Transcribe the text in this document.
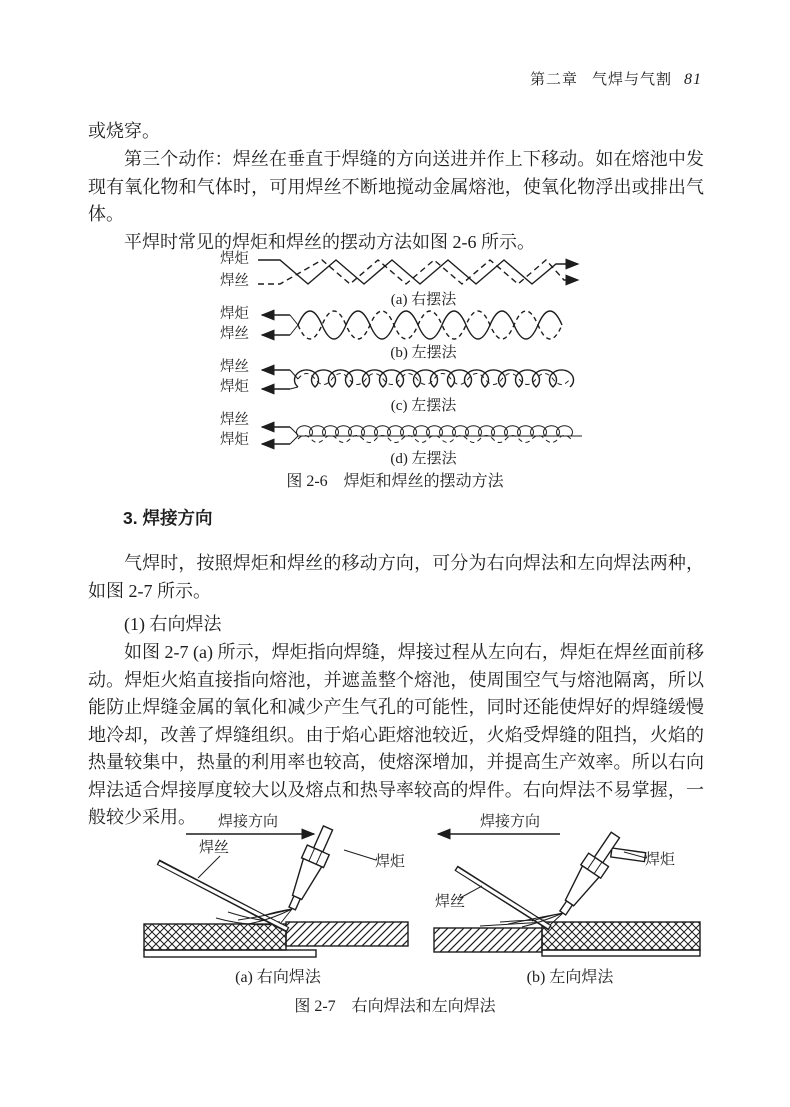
第二章 气焊与气割 81

或烧穿。

第三个动作：焊丝在垂直于焊缝的方向送进并作上下移动。如在熔池中发现有氧化物和气体时，可用焊丝不断地搅动金属熔池，使氧化物浮出或排出气体。

平焊时常见的焊炬和焊丝的摆动方法如图 2-6 所示。

焊炬
焊丝
(a) 右摆法
焊炬
焊丝
(b) 左摆法
焊丝
焊炬
(c) 左摆法
焊丝
焊炬
(d) 左摆法
图 2-6　焊炬和焊丝的摆动方法
3. 焊接方向

气焊时，按照焊炬和焊丝的移动方向，可分为右向焊法和左向焊法两种，如图 2-7 所示。

(1) 右向焊法

如图 2-7 (a) 所示，焊炬指向焊缝，焊接过程从左向右，焊炬在焊丝面前移动。焊炬火焰直接指向熔池，并遮盖整个熔池，使周围空气与熔池隔离，所以能防止焊缝金属的氧化和减少产生气孔的可能性，同时还能使焊好的焊缝缓慢地冷却，改善了焊缝组织。由于焰心距熔池较近，火焰受焊缝的阻挡，火焰的热量较集中，热量的利用率也较高，使熔深增加，并提高生产效率。所以右向焊法适合焊接厚度较大以及熔点和热导率较高的焊件。右向焊法不易掌握，一般较少采用。	焊接方向
焊丝
焊炬
(a) 右向焊法
焊接方向
焊丝
焊炬
(b) 左向焊法
图 2-7　右向焊法和左向焊法
